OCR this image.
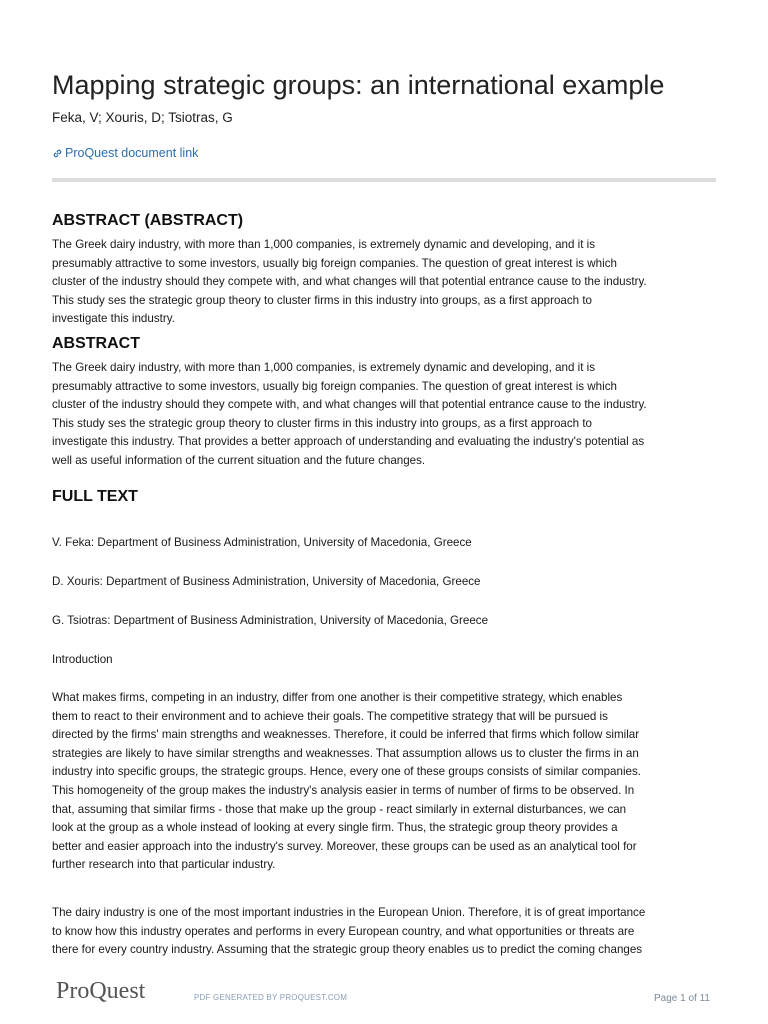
Mapping strategic groups: an international example
Feka, V; Xouris, D; Tsiotras, G
ProQuest document link
ABSTRACT (ABSTRACT)
The Greek dairy industry, with more than 1,000 companies, is extremely dynamic and developing, and it is
presumably attractive to some investors, usually big foreign companies. The question of great interest is which
cluster of the industry should they compete with, and what changes will that potential entrance cause to the industry.
This study ses the strategic group theory to cluster firms in this industry into groups, as a first approach to
investigate this industry.
ABSTRACT
The Greek dairy industry, with more than 1,000 companies, is extremely dynamic and developing, and it is
presumably attractive to some investors, usually big foreign companies. The question of great interest is which
cluster of the industry should they compete with, and what changes will that potential entrance cause to the industry.
This study ses the strategic group theory to cluster firms in this industry into groups, as a first approach to
investigate this industry. That provides a better approach of understanding and evaluating the industry's potential as
well as useful information of the current situation and the future changes.
FULL TEXT
V. Feka: Department of Business Administration, University of Macedonia, Greece
D. Xouris: Department of Business Administration, University of Macedonia, Greece
G. Tsiotras: Department of Business Administration, University of Macedonia, Greece
Introduction
What makes firms, competing in an industry, differ from one another is their competitive strategy, which enables
them to react to their environment and to achieve their goals. The competitive strategy that will be pursued is
directed by the firms' main strengths and weaknesses. Therefore, it could be inferred that firms which follow similar
strategies are likely to have similar strengths and weaknesses. That assumption allows us to cluster the firms in an
industry into specific groups, the strategic groups. Hence, every one of these groups consists of similar companies.
This homogeneity of the group makes the industry's analysis easier in terms of number of firms to be observed. In
that, assuming that similar firms - those that make up the group - react similarly in external disturbances, we can
look at the group as a whole instead of looking at every single firm. Thus, the strategic group theory provides a
better and easier approach into the industry's survey. Moreover, these groups can be used as an analytical tool for
further research into that particular industry.
The dairy industry is one of the most important industries in the European Union. Therefore, it is of great importance
to know how this industry operates and performs in every European country, and what opportunities or threats are
there for every country industry. Assuming that the strategic group theory enables us to predict the coming changes
ProQuest	PDF GENERATED BY PROQUEST.COM	Page 1 of 11
